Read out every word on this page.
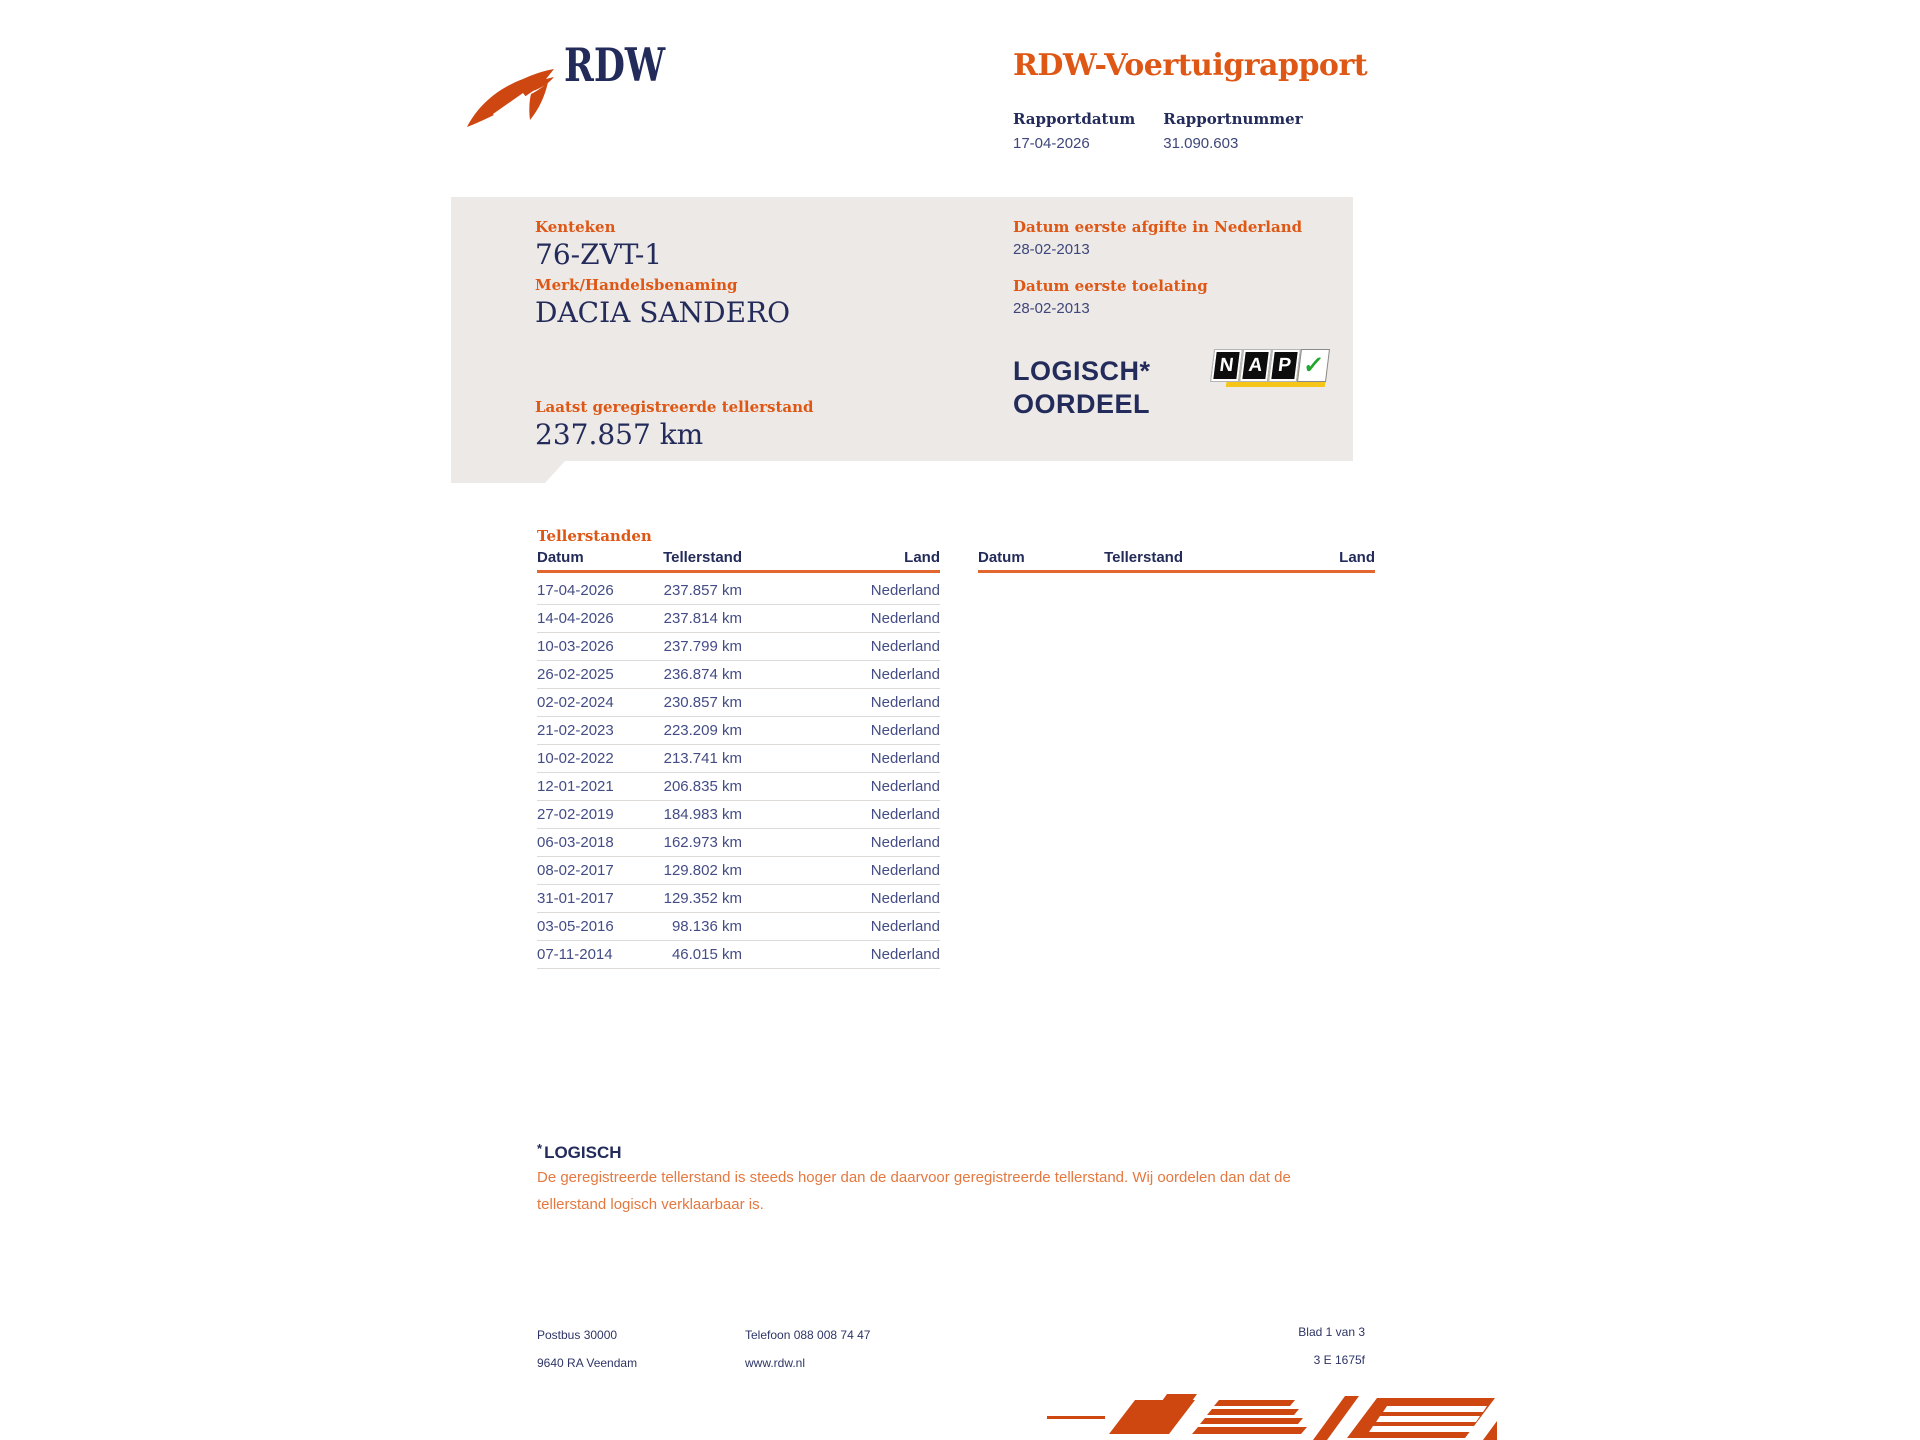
RDW	RDW-Voertuigrapport
Rapportdatum
17-04-2026
Rapportnummer
31.090.603
Kenteken
76-ZVT-1
Merk/Handelsbenaming
DACIA SANDERO
Laatst geregistreerde tellerstand
237.857 km
Datum eerste afgifte in Nederland
28-02-2013
Datum eerste toelating
28-02-2013
LOGISCH*
OORDEEL
N A P ✓
Tellerstanden
Datum	Tellerstand	Land
17-04-2026	237.857 km	Nederland
14-04-2026	237.814 km	Nederland
10-03-2026	237.799 km	Nederland
26-02-2025	236.874 km	Nederland
02-02-2024	230.857 km	Nederland
21-02-2023	223.209 km	Nederland
10-02-2022	213.741 km	Nederland
12-01-2021	206.835 km	Nederland
27-02-2019	184.983 km	Nederland
06-03-2018	162.973 km	Nederland
08-02-2017	129.802 km	Nederland
31-01-2017	129.352 km	Nederland
03-05-2016	98.136 km	Nederland
07-11-2014	46.015 km	Nederland
Datum	Tellerstand	Land
* LOGISCH
De geregistreerde tellerstand is steeds hoger dan de daarvoor geregistreerde tellerstand. Wij oordelen dan dat de tellerstand logisch verklaarbaar is.
Postbus 30000
9640 RA Veendam
Telefoon 088 008 74 47
www.rdw.nl
Blad 1 van 3
3 E 1675f
